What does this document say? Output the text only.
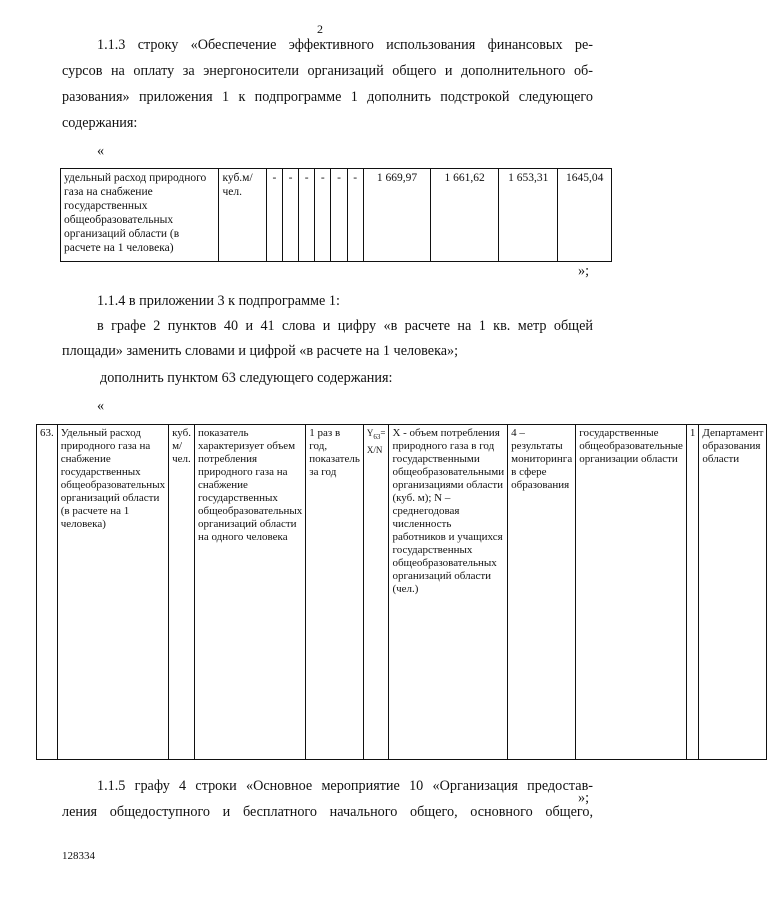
2
1.1.3 строку «Обеспечение эффективного использования финансовых ре-
сурсов на оплату за энергоносители организаций общего и дополнительного об-
разования» приложения 1 к подпрограмме 1 дополнить подстрокой следующего
содержания:
«
удельный расход природного газа на снабжение государственных общеобразовательных организаций области (в расчете на 1 человека)	куб.м/ чел.	-	-	-	-	-	-	1 669,97	1 661,62	1 653,31	1645,04
»;
1.1.4 в приложении 3 к подпрограмме 1:
в графе 2 пунктов 40 и 41 слова и цифру «в расчете на 1 кв. метр общей
площади» заменить словами и цифрой «в расчете на 1 человека»;
дополнить пунктом 63 следующего содержания:
«
63.	Удельный расход природного газа на снабжение государственных общеобразовательных организаций области (в расчете на 1 человека)	куб. м/чел.	показатель характеризует объем потребления природного газа на снабжение государственных общеобразовательных организаций области на одного человека	1 раз в год, показатель за год	$Y_{63}= X/N$	X - объем потребления природного газа в год государственными общеобразовательными организациями области (куб. м); N – среднегодовая численность работников и учащихся государственных общеобразовательных организаций области (чел.)	4 – результаты мониторинга в сфере образования	государственные общеобразовательные организации области	1	Департамент образования области
»;
1.1.5 графу 4 строки «Основное мероприятие 10 «Организация предостав-
ления общедоступного и бесплатного начального общего, основного общего,
128334
